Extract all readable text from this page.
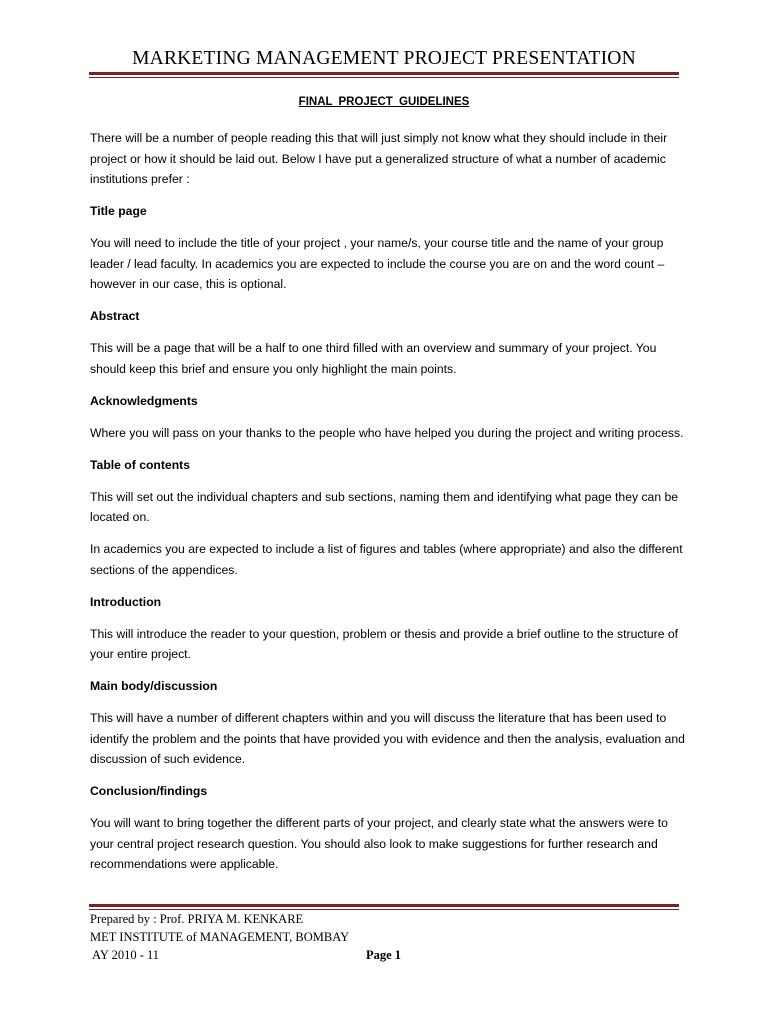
MARKETING MANAGEMENT PROJECT PRESENTATION
FINAL PROJECT GUIDELINES

There will be a number of people reading this that will just simply not know what they should include in their project or how it should be laid out. Below I have put a generalized structure of what a number of academic institutions prefer :

Title page

You will need to include the title of your project , your name/s, your course title and the name of your group leader / lead faculty. In academics you are expected to include the course you are on and the word count – however in our case, this is optional.

Abstract

This will be a page that will be a half to one third filled with an overview and summary of your project. You should keep this brief and ensure you only highlight the main points.

Acknowledgments

Where you will pass on your thanks to the people who have helped you during the project and writing process.

Table of contents

This will set out the individual chapters and sub sections, naming them and identifying what page they can be located on.

In academics you are expected to include a list of figures and tables (where appropriate) and also the different sections of the appendices.

Introduction

This will introduce the reader to your question, problem or thesis and provide a brief outline to the structure of your entire project.

Main body/discussion

This will have a number of different chapters within and you will discuss the literature that has been used to identify the problem and the points that have provided you with evidence and then the analysis, evaluation and discussion of such evidence.

Conclusion/findings

You will want to bring together the different parts of your project, and clearly state what the answers were to your central project research question. You should also look to make suggestions for further research and recommendations were applicable.

Prepared by : Prof. PRIYA M. KENKARE
MET INSTITUTE of MANAGEMENT, BOMBAY
AY 2010 - 11	Page 1
